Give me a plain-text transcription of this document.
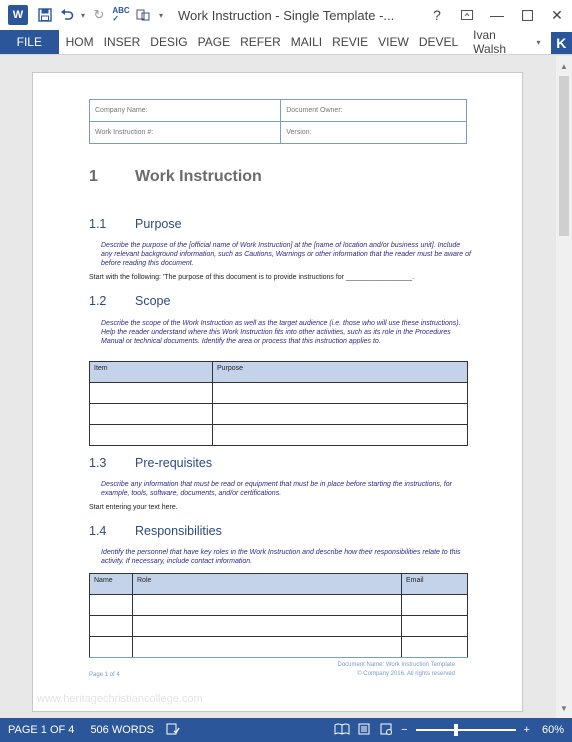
W	▾ ↻ ABC
✓	▾	Work Instruction - Single Template -...	?	—	✕
FILE	HOM INSER DESIG PAGE REFER MAILI REVIE VIEW DEVEL	Ivan Walsh	▾	K
Company Name:	Document Owner:
Work Instruction #:	Version:
1 Work Instruction
1.1 Purpose
Describe the purpose of the [official name of Work Instruction] at the [name of location and/or business unit]. Include any relevant background information, such as Cautions, Warnings or other information that the reader must be aware of before reading this document.
Start with the following: 'The purpose of this document is to provide instructions for _________________.
1.2 Scope
Describe the scope of the Work Instruction as well as the target audience (i.e. those who will use these instructions). Help the reader understand where this Work Instruction fits into other activities, such as its role in the Procedures Manual or technical documents. Identify the area or process that this instruction applies to.
Item	Purpose

1.3 Pre-requisites
Describe any information that must be read or equipment that must be in place before starting the instructions, for example, tools, software, documents, and/or certifications.
Start entering your text here.
1.4 Responsibilities
Identify the personnel that have key roles in the Work Instruction and describe how their responsibilities relate to this activity. If necessary, include contact information.
Name	Role	Email

Page 1 of 4
Document Name: Work Instruction Template
© Company 2016. All rights reserved
www.heritagechristiancollege.com
▲
▼
PAGE 1 OF 4	506 WORDS	−	+	60%
